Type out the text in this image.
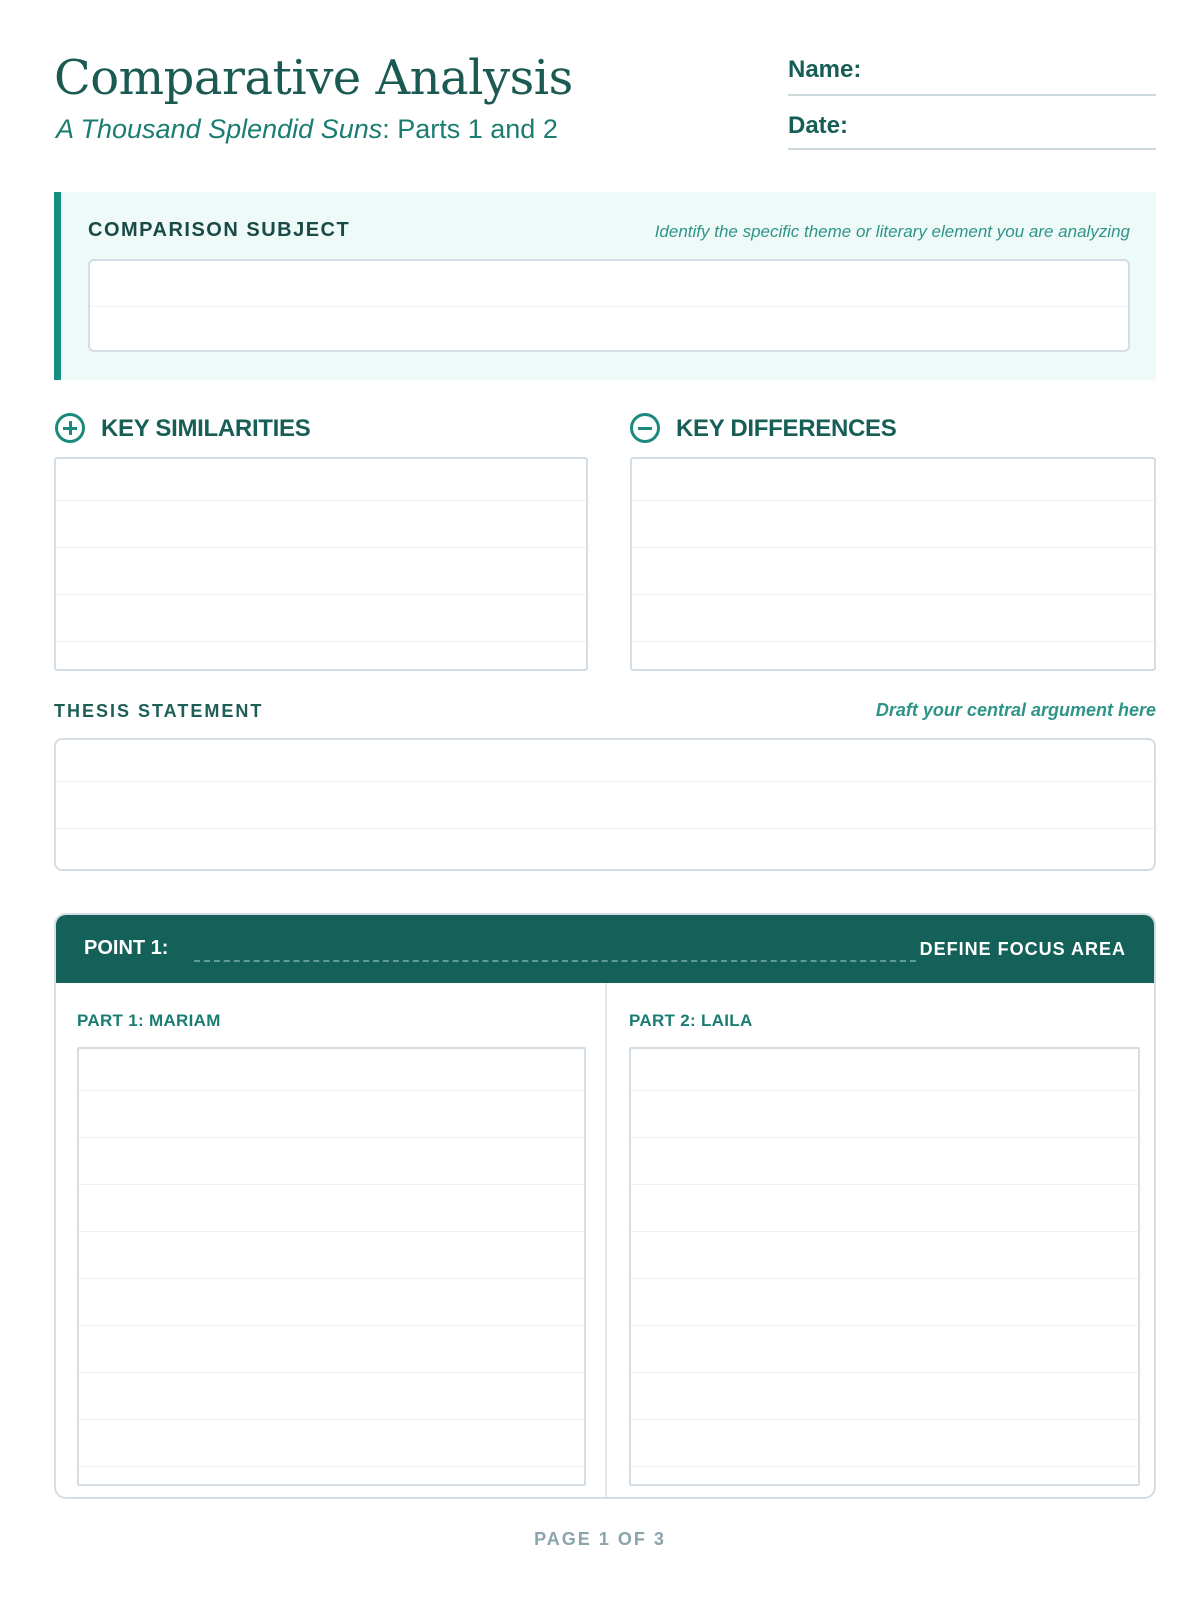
Comparative Analysis
A Thousand Splendid Suns: Parts 1 and 2
Name:
Date:
COMPARISON SUBJECT	Identify the specific theme or literary element you are analyzing
KEY SIMILARITIES	KEY DIFFERENCES
THESIS STATEMENT	Draft your central argument here
POINT 1:	DEFINE FOCUS AREA
PART 1: MARIAM	PART 2: LAILA
PAGE 1 OF 3
